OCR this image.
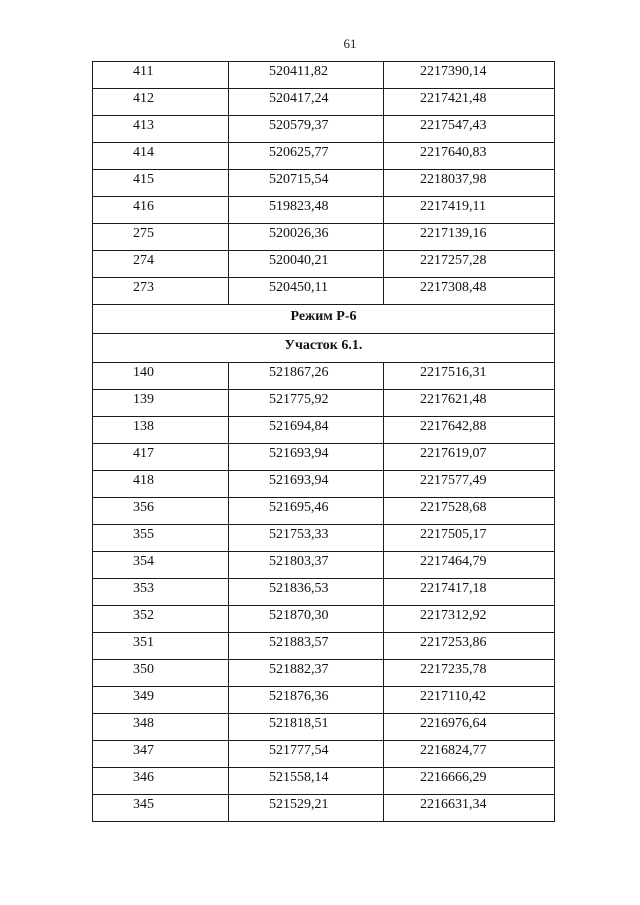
61
411	520411,82	2217390,14
412	520417,24	2217421,48
413	520579,37	2217547,43
414	520625,77	2217640,83
415	520715,54	2218037,98
416	519823,48	2217419,11
275	520026,36	2217139,16
274	520040,21	2217257,28
273	520450,11	2217308,48
Режим Р-6		
Участок 6.1.		
140	521867,26	2217516,31
139	521775,92	2217621,48
138	521694,84	2217642,88
417	521693,94	2217619,07
418	521693,94	2217577,49
356	521695,46	2217528,68
355	521753,33	2217505,17
354	521803,37	2217464,79
353	521836,53	2217417,18
352	521870,30	2217312,92
351	521883,57	2217253,86
350	521882,37	2217235,78
349	521876,36	2217110,42
348	521818,51	2216976,64
347	521777,54	2216824,77
346	521558,14	2216666,29
345	521529,21	2216631,34
